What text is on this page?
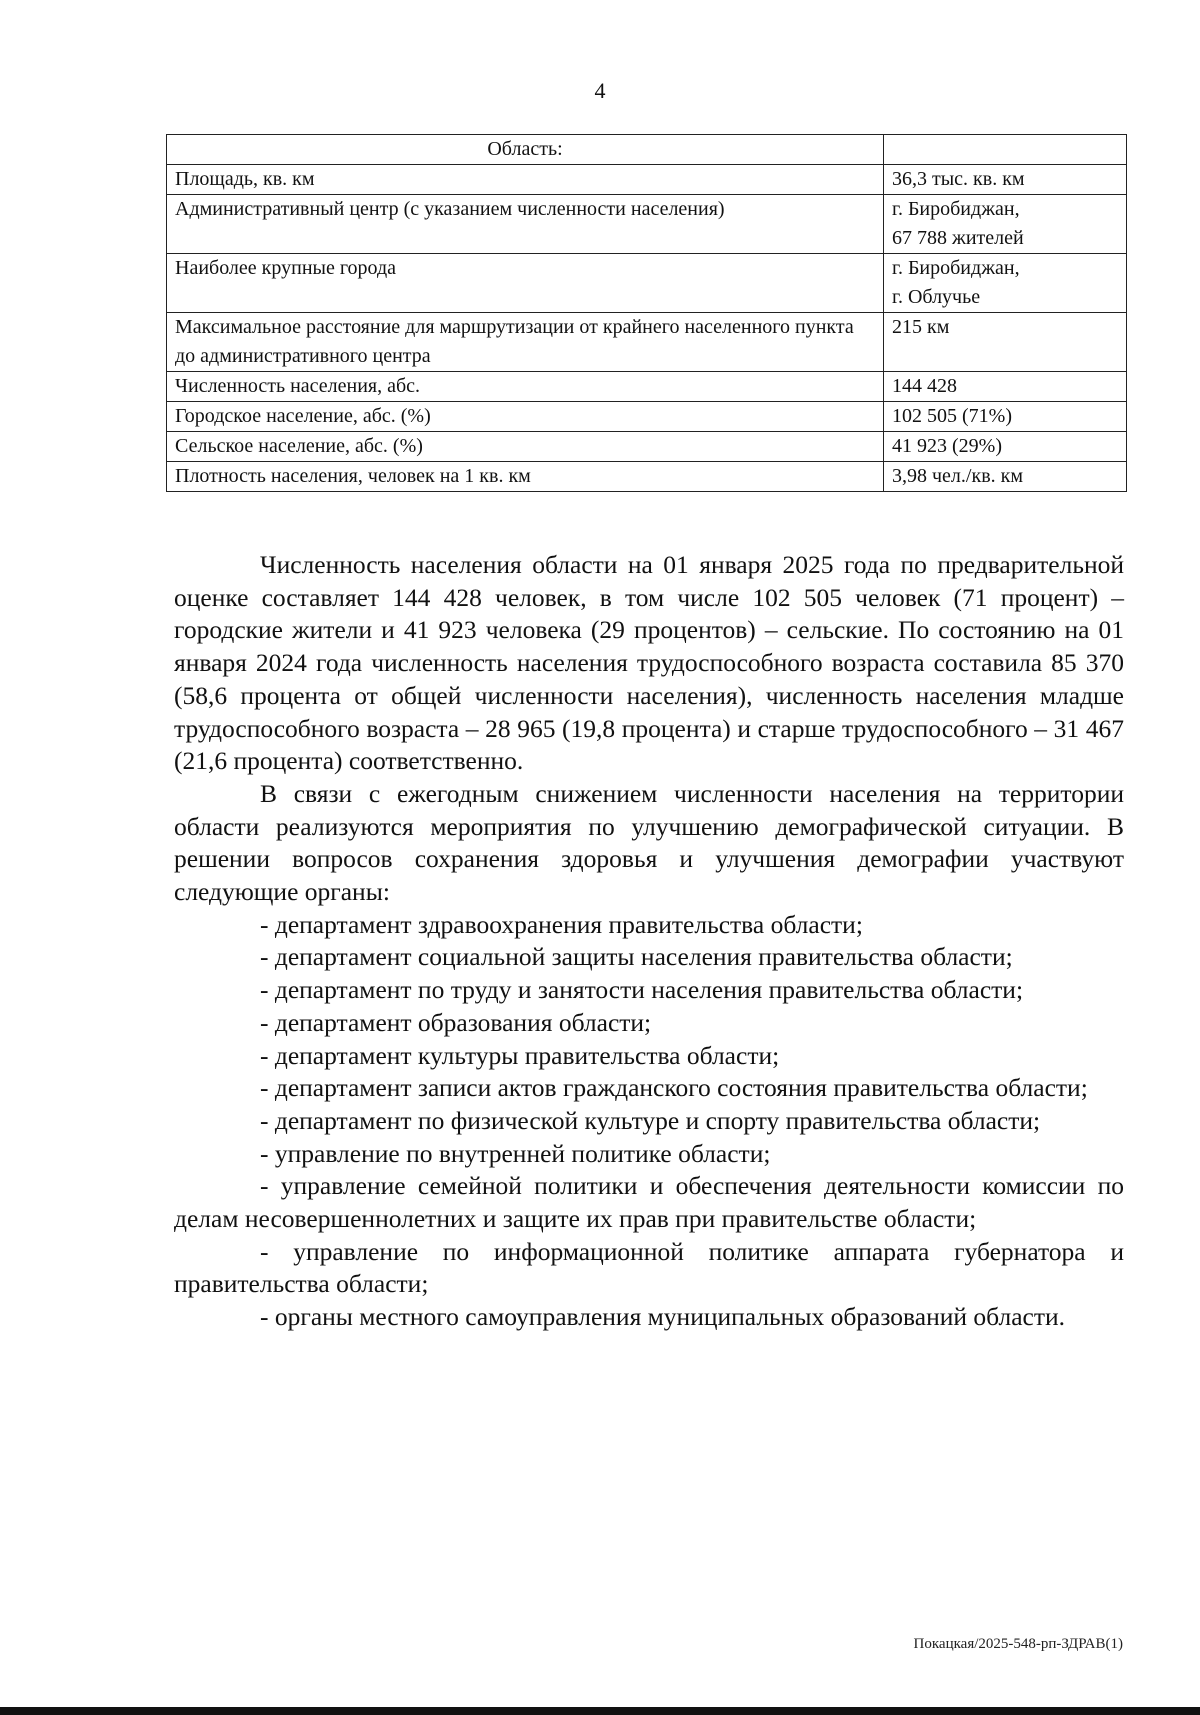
4
Область:	
Площадь, кв. км	36,3 тыс. кв. км

Административный центр (с указанием численности населения)	г. Биробиджан,
67 788 жителей

Наиболее крупные города	г. Биробиджан,
г. Облучье

Максимальное расстояние для маршрутизации от крайнего населенного пункта до административного центра	215 км

Численность населения, абс.	144 428

Городское население, абс. (%)	102 505 (71%)

Сельское население, абс. (%)	41 923 (29%)

Плотность населения, человек на 1 кв. км	3,98 чел./кв. км

Численность населения области на 01 января 2025 года по предварительной оценке составляет 144 428 человек, в том числе 102 505 человек (71 процент) – городские жители и 41 923 человека (29 процентов) – сельские. По состоянию на 01 января 2024 года численность населения трудоспособного возраста составила 85 370 (58,6 процента от общей численности населения), численность населения младше трудоспособного возраста – 28 965 (19,8 процента) и старше трудоспособного – 31 467 (21,6 процента) соответственно.

В связи с ежегодным снижением численности населения на территории области реализуются мероприятия по улучшению демографической ситуации. В решении вопросов сохранения здоровья и улучшения демографии участвуют следующие органы:

- департамент здравоохранения правительства области;

- департамент социальной защиты населения правительства области;

- департамент по труду и занятости населения правительства области;

- департамент образования области;

- департамент культуры правительства области;

- департамент записи актов гражданского состояния правительства области;

- департамент по физической культуре и спорту правительства области;

- управление по внутренней политике области;

- управление семейной политики и обеспечения деятельности комиссии по делам несовершеннолетних и защите их прав при правительстве области;

- управление по информационной политике аппарата губернатора и правительства области;

- органы местного самоуправления муниципальных образований области.

Покацкая/2025-548-рп-ЗДРАВ(1)
